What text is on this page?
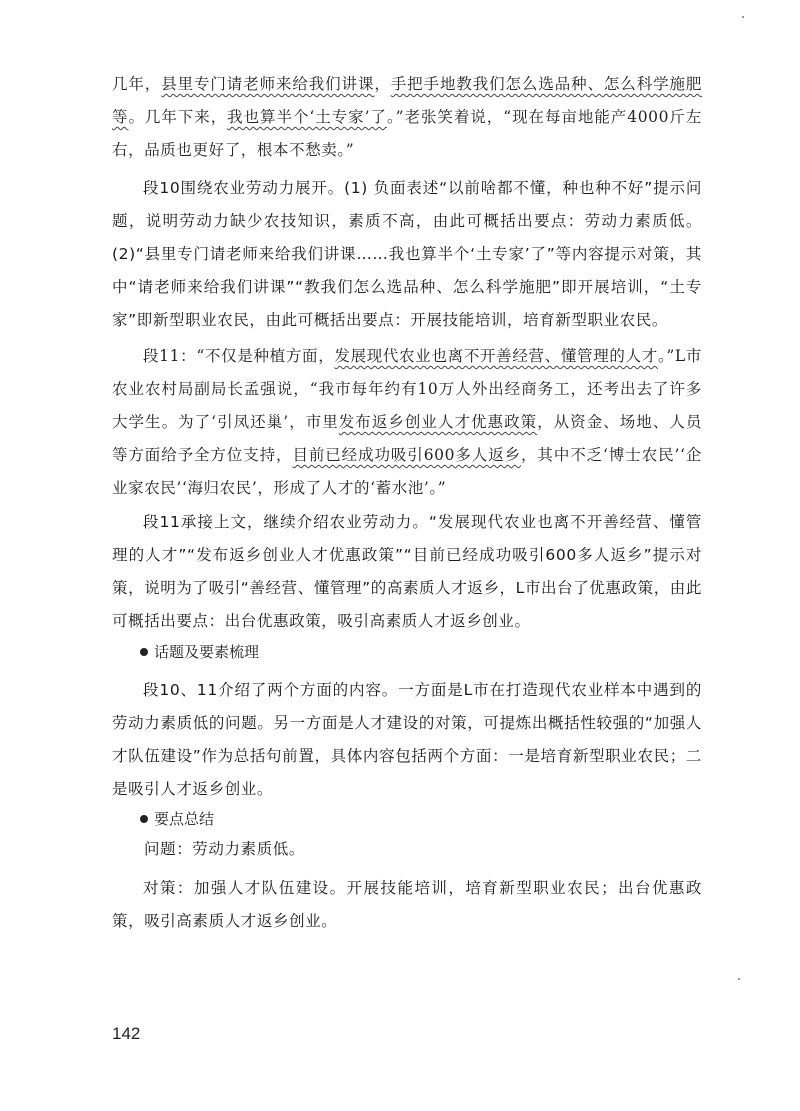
几年，县里专门请老师来给我们讲课，手把手地教我们怎么选品种、怎么科学施肥等。几年下来，我也算半个‘土专家’了。”老张笑着说，“现在每亩地能产4000斤左右，品质也更好了，根本不愁卖。”

段10围绕农业劳动力展开。(1) 负面表述“以前啥都不懂，种也种不好”提示问题，说明劳动力缺少农技知识，素质不高，由此可概括出要点：劳动力素质低。(2)“县里专门请老师来给我们讲课……我也算半个‘土专家’了”等内容提示对策，其中“请老师来给我们讲课”“教我们怎么选品种、怎么科学施肥”即开展培训，“土专家”即新型职业农民，由此可概括出要点：开展技能培训，培育新型职业农民。

段11：“不仅是种植方面，发展现代农业也离不开善经营、懂管理的人才。”L市农业农村局副局长孟强说，“我市每年约有10万人外出经商务工，还考出去了许多大学生。为了‘引凤还巢’，市里发布返乡创业人才优惠政策，从资金、场地、人员等方面给予全方位支持，目前已经成功吸引600多人返乡，其中不乏‘博士农民’‘企业家农民’‘海归农民’，形成了人才的‘蓄水池’。”

段11承接上文，继续介绍农业劳动力。“发展现代农业也离不开善经营、懂管理的人才”“发布返乡创业人才优惠政策”“目前已经成功吸引600多人返乡”提示对策，说明为了吸引“善经营、懂管理”的高素质人才返乡，L市出台了优惠政策，由此可概括出要点：出台优惠政策，吸引高素质人才返乡创业。

话题及要素梳理

段10、11介绍了两个方面的内容。一方面是L市在打造现代农业样本中遇到的劳动力素质低的问题。另一方面是人才建设的对策，可提炼出概括性较强的“加强人才队伍建设”作为总括句前置，具体内容包括两个方面：一是培育新型职业农民；二是吸引人才返乡创业。

要点总结

问题：劳动力素质低。

对策：加强人才队伍建设。开展技能培训，培育新型职业农民；出台优惠政策，吸引高素质人才返乡创业。

142
